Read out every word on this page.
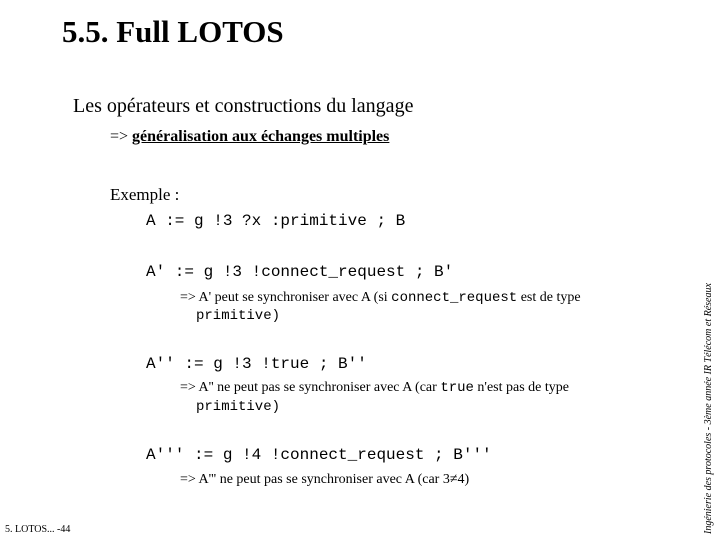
5.5. Full LOTOS
Les opérateurs et constructions du langage
=> généralisation aux échanges multiples
Exemple :
A := g !3 ?x :primitive ; B
A' := g !3 !connect_request ; B'
=> A' peut se synchroniser avec A (si connect_request est de type
primitive)
A'' := g !3 !true ; B''
=> A'' ne peut pas se synchroniser avec A (car true n'est pas de type
primitive)
A''' := g !4 !connect_request ; B'''
=> A''' ne peut pas se synchroniser avec A (car 3≠4)	Ingénierie des protocoles - 3ème année IR Télécom et Réseaux
5. LOTOS... -44
